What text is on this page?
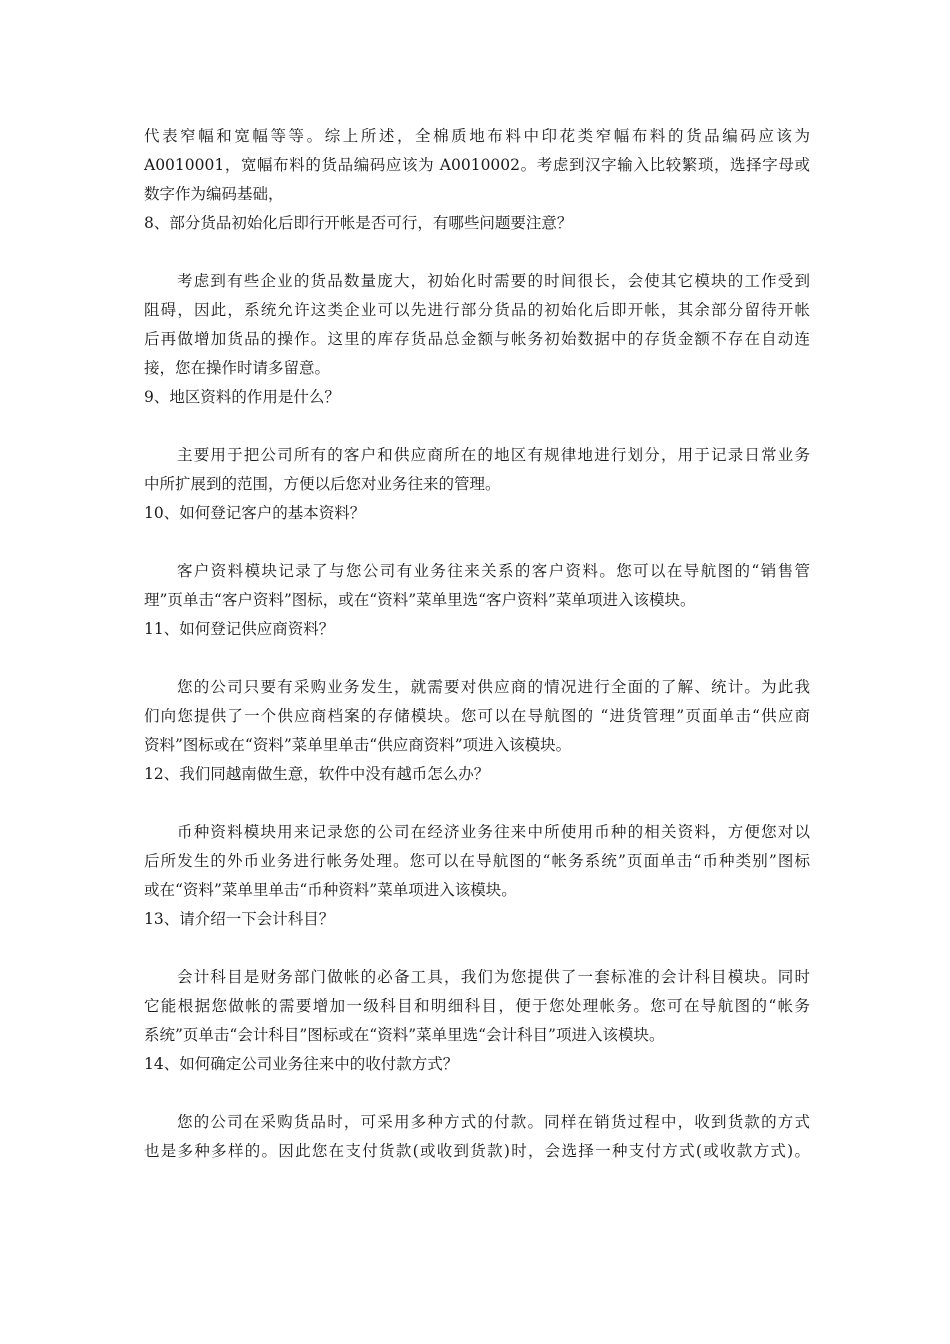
代表窄幅和宽幅等等。综上所述，全棉质地布料中印花类窄幅布料的货品编码应该为
A0010001，宽幅布料的货品编码应该为 A0010002。考虑到汉字输入比较繁琐，选择字母或
数字作为编码基础，

8、部分货品初始化后即行开帐是否可行，有哪些问题要注意？

考虑到有些企业的货品数量庞大，初始化时需要的时间很长，会使其它模块的工作受到
阻碍，因此，系统允许这类企业可以先进行部分货品的初始化后即开帐，其余部分留待开帐
后再做增加货品的操作。这里的库存货品总金额与帐务初始数据中的存货金额不存在自动连
接，您在操作时请多留意。

9、地区资料的作用是什么？

主要用于把公司所有的客户和供应商所在的地区有规律地进行划分，用于记录日常业务
中所扩展到的范围，方便以后您对业务往来的管理。

10、如何登记客户的基本资料？

客户资料模块记录了与您公司有业务往来关系的客户资料。您可以在导航图的“销售管
理”页单击“客户资料”图标，或在“资料”菜单里选“客户资料”菜单项进入该模块。

11、如何登记供应商资料？

您的公司只要有采购业务发生，就需要对供应商的情况进行全面的了解、统计。为此我
们向您提供了一个供应商档案的存储模块。您可以在导航图的 “进货管理”页面单击“供应商
资料”图标或在“资料”菜单里单击“供应商资料”项进入该模块。

12、我们同越南做生意，软件中没有越币怎么办？

币种资料模块用来记录您的公司在经济业务往来中所使用币种的相关资料，方便您对以
后所发生的外币业务进行帐务处理。您可以在导航图的“帐务系统”页面单击“币种类别”图标
或在“资料”菜单里单击“币种资料”菜单项进入该模块。

13、请介绍一下会计科目？

会计科目是财务部门做帐的必备工具，我们为您提供了一套标准的会计科目模块。同时
它能根据您做帐的需要增加一级科目和明细科目，便于您处理帐务。您可在导航图的“帐务
系统”页单击“会计科目”图标或在“资料”菜单里选“会计科目”项进入该模块。

14、如何确定公司业务往来中的收付款方式？

您的公司在采购货品时，可采用多种方式的付款。同样在销货过程中，收到货款的方式
也是多种多样的。因此您在支付货款(或收到货款)时，会选择一种支付方式(或收款方式)。
